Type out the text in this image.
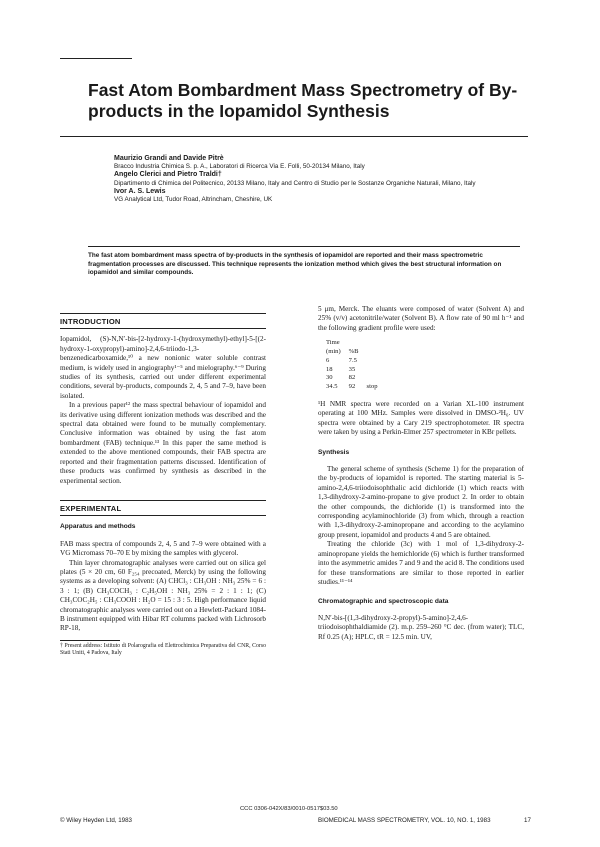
Fast Atom Bombardment Mass Spectrometry of By-products in the Iopamidol Synthesis
Maurizio Grandi and Davide Pitrè
Bracco Industria Chimica S. p. A., Laboratori di Ricerca Via E. Folli, 50-20134 Milano, Italy
Angelo Clerici and Pietro Traldi†
Dipartimento di Chimica del Politecnico, 20133 Milano, Italy and Centro di Studio per le Sostanze Organiche Naturali, Milano, Italy
Ivor A. S. Lewis
VG Analytical Ltd, Tudor Road, Altrincham, Cheshire, UK
The fast atom bombardment mass spectra of by-products in the synthesis of iopamidol are reported and their mass spectrometric fragmentation processes are discussed. This technique represents the ionization method which gives the best structural information on iopamidol and similar compounds.
INTRODUCTION

Iopamidol, (S)-N,N′-bis-[2-hydroxy-1-(hydroxymethyl)-ethyl]-5-[(2-hydroxy-1-oxypropyl)-amino]-2,4,6-triiodo-1,3-benzenedicarboxamide,¹⁰ a new nonionic water soluble contrast medium, is widely used in angiography¹⁻⁵ and mielography.⁶⁻⁹ During studies of its synthesis, carried out under different experimental conditions, several by-products, compounds 2, 4, 5 and 7–9, have been isolated.

In a previous paper¹² the mass spectral behaviour of iopamidol and its derivative using different ionization methods was described and the spectral data obtained were found to be mutually complementary. Conclusive information was obtained by using the fast atom bombardment (FAB) technique.¹³ In this paper the same method is extended to the above mentioned compounds, their FAB spectra are reported and their fragmentation patterns discussed. Identification of these products was confirmed by synthesis as described in the experimental section.

EXPERIMENTAL
Apparatus and methods

FAB mass spectra of compounds 2, 4, 5 and 7–9 were obtained with a VG Micromass 70–70 E by mixing the samples with glycerol.

Thin layer chromatographic analyses were carried out on silica gel plates (5 × 20 cm, 60 F₂₅₄ precoated, Merck) by using the following systems as a developing solvent: (A) CHCl₃ : CH₃OH : NH₃ 25% = 6 : 3 : 1; (B) CH₃COCH₃ : C₂H₅OH : NH₃ 25% = 2 : 1 : 1; (C) CH₃COC₂H₅ : CH₃COOH : H₂O = 15 : 3 : 5. High performance liquid chromatographic analyses were carried out on a Hewlett-Packard 1084-B instrument equipped with Hibar RT columns packed with Lichrosorb RP-18,

† Present address: Istituto di Polarografia ed Elettrochimica Preparativa del CNR, Corso Stati Uniti, 4 Padova, Italy

5 μm, Merck. The eluants were composed of water (Solvent A) and 25% (v/v) acetonitrile/water (Solvent B). A flow rate of 90 ml h⁻¹ and the following gradient profile were used:

Time
(min)	%B	
6	7.5	
18	35	
30	82	
34.5	92	stop

¹H NMR spectra were recorded on a Varian XL-100 instrument operating at 100 MHz. Samples were dissolved in DMSO-²H₆. UV spectra were obtained by a Cary 219 spectrophotometer. IR spectra were taken by using a Perkin-Elmer 257 spectrometer in KBr pellets.

Synthesis

The general scheme of synthesis (Scheme 1) for the preparation of the by-products of iopamidol is reported. The starting material is 5-amino-2,4,6-triiodoisophthalic acid dichloride (1) which reacts with 1,3-dihydroxy-2-amino-propane to give product 2. In order to obtain the other compounds, the dichloride (1) is transformed into the corresponding acylaminochloride (3) from which, through a reaction with 1,3-dihydroxy-2-aminopropane and according to the acylamino group present, iopamidol and products 4 and 5 are obtained.

Treating the chloride (3c) with 1 mol of 1,3-dihydroxy-2-aminopropane yields the hemichloride (6) which is further transformed into the asymmetric amides 7 and 9 and the acid 8. The conditions used for these transformations are similar to those reported in earlier studies.¹¹⁻¹⁴

Chromatographic and spectroscopic data

N,N′-bis-[(1,3-dihydroxy-2-propyl)-5-amino]-2,4,6-triiodoisophthaldiamide (2). m.p. 259–260 °C dec. (from water); TLC, Rf 0.25 (A); HPLC, tR = 12.5 min. UV,

CCC 0306-042X/83/0010-0517$03.50
© Wiley Heyden Ltd, 1983	BIOMEDICAL MASS SPECTROMETRY, VOL. 10, NO. 1, 1983	17
